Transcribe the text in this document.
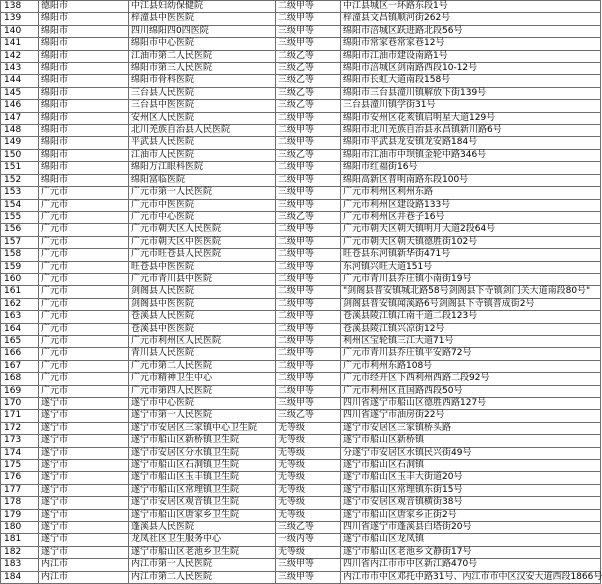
138	德阳市	中江县妇幼保健院	二级甲等	中江县城区一环路东段1号
139	绵阳市	梓潼县中医医院	二级甲等	梓潼县文昌镇顺河街262号
140	绵阳市	四川绵阳四0四医院	三级甲等	绵阳市涪城区跃进路北段56号
141	绵阳市	绵阳市中心医院	三级甲等	绵阳市常家巷常家巷12号
142	绵阳市	江油市第二人民医院	二级乙等	绵阳市江油市建设南路1号
143	绵阳市	绵阳市第三人民医院	三级乙等	绵阳市涪城区剑南路西段10-12号
144	绵阳市	绵阳市骨科医院	三级乙等	绵阳市长虹大道南段158号
145	绵阳市	三台县人民医院	三级乙等	绵阳市三台县潼川镇解放下街139号
146	绵阳市	三台县中医医院	三级乙等	三台县潼川镇学街31号
147	绵阳市	安州区人民医院	二级甲等	绵阳市安州区花荄镇启明星大道129号
148	绵阳市	北川羌族自治县人民医院	二级甲等	绵阳市北川羌族自治县永昌镇新川路6号
149	绵阳市	平武县人民医院	二级甲等	绵阳市平武县龙安镇龙安路184号
150	绵阳市	江油市人民医院	三级乙等	绵阳市江油市中坝镇金轮中路346号
151	绵阳市	绵阳万江眼科医院	二级甲等	绵阳市红福街16号
152	绵阳市	绵阳富临医院	二级甲等	绵阳高新区普明南路东段100号
153	广元市	广元市第一人民医院	三级甲等	广元市利州区利州东路
154	广元市	广元市中医医院	三级甲等	广元市利州区建设路133号
155	广元市	广元市中心医院	三级乙等	广元市利州区井巷子16号
156	广元市	广元市朝天区人民医院	二级甲等	广元市朝天区朝天镇明月大道2段64号
157	广元市	广元市朝天区中医医院	二级甲等	广元市朝天区朝天镇德胜街102号
158	广元市	广元市旺苍县人民医院	二级甲等	旺苍县东河镇新华街471号
159	广元市	旺苍县中医医院	二级甲等	东河镇兴旺大道151号
160	广元市	广元市青川县中医院	二级甲等	广元市青川县乔庄镇小南街19号
161	广元市	剑阁县人民医院	二级甲等	"剑阁县普安镇城北路58号剑阁县下寺镇剑门关大道南段80号"
162	广元市	剑阁县中医医院	二级甲等	剑阁县普安镇闻溪路6号剑阁县下寺镇普成街2号
163	广元市	苍溪县人民医院	二级甲等	苍溪县陵江镇江南干道二段123号
164	广元市	苍溪县中医医院	二级甲等	苍溪县陵江镇兴凉街12号
165	广元市	广元市利州区人民医院	二级甲等	利州区宝轮镇三江大道71号
166	广元市	青川县人民医院	二级甲等	广元市青川县乔庄镇平安路72号
167	广元市	广元市第二人民医院	二级甲等	广元市利州东路108号
168	广元市	广元市精神卫生中心	二级甲等	广元市经开区下西利州西路二段92号
169	广元市	广元市第四人民医院	二级甲等	广元市利州区苴国路西段50号
170	遂宁市	遂宁市中心医院	三级甲等	四川省遂宁市船山区德胜西路127号
171	遂宁市	遂宁市第一人民医院	三级乙等	四川省遂宁市油房街22号
172	遂宁市	遂宁市安居区三家镇中心卫生院	无等级	遂宁市安居区三家镇桥头路
173	遂宁市	遂宁市船山区新桥镇卫生院	无等级	遂宁市船山区新桥镇
174	遂宁市	遂宁市安居区分水镇卫生院	无等级	分遂宁市安居区水镇民兴街49号
175	遂宁市	遂宁市船山区石洞镇卫生院	无等级	遂宁市船山区石洞镇
176	遂宁市	遂宁市船山区玉丰镇卫生院	无等级	遂宁市船山区玉丰大街道20号
177	遂宁市	遂宁市船山区常理镇卫生院	无等级	遂宁市船山区常理镇东街15号
178	遂宁市	遂宁市安居区观音镇卫生院	无等级	遂宁市安居区观音镇横街38号
179	遂宁市	遂宁市船山区唐家乡卫生院	无等级	遂宁市船山区唐家乡正街2号
180	遂宁市	蓬溪县人民医院	三级乙等	四川省遂宁市蓬溪县白塔街20号
181	遂宁市	龙凤社区卫生服务中心	一级丙等	遂宁市船山区龙凤镇
182	遂宁市	遂宁市船山区老池乡卫生院	无等级	遂宁市船山区老池乡文静街17号
183	内江市	内江市第一人民医院	三级甲等	四川省内江市市中区新江路470号
184	内江市	内江市第二人民医院	三级甲等	内江市市中区邓托中路31号、内江市市中区汉安大道西段1866号
